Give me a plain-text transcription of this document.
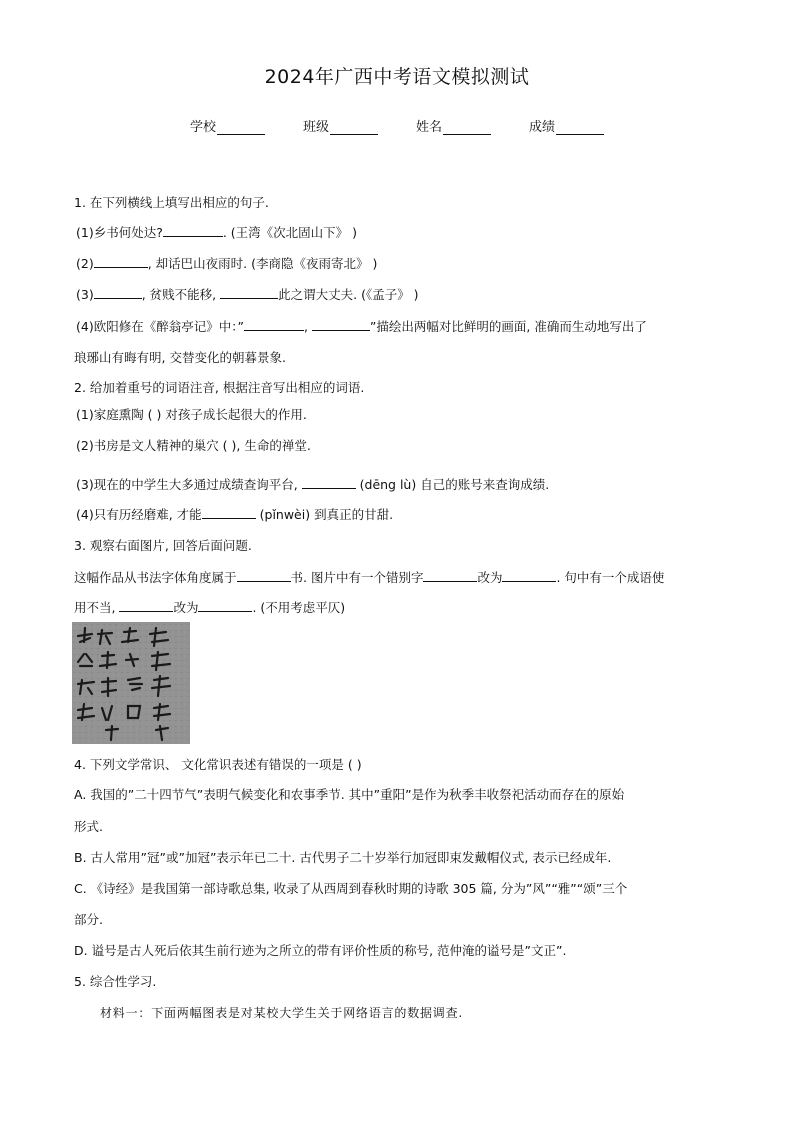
2024年广西中考语文模拟测试
学校	班级	姓名	成绩
1. 在下列横线上填写出相应的句子.
(1)乡书何处达?	. (王湾《次北固山下》 )
(2)	, 却话巴山夜雨时. (李商隐《夜雨寄北》 )
(3)	, 贫贱不能移,	此之谓大丈夫. (《孟子》 )
(4)欧阳修在《醉翁亭记》中：”	,	”描绘出两幅对比鲜明的画面, 准确而生动地写出了
琅琊山有晦有明, 交替变化的朝暮景象.
2. 给加着重号的词语注音, 根据注音写出相应的词语.
(1)家庭熏陶 ( ) 对孩子成长起很大的作用.
(2)书房是文人精神的巢穴 ( ), 生命的禅堂.
(3)现在的中学生大多通过成绩查询平台,	(dēng lù) 自己的账号来查询成绩.
(4)只有历经磨难, 才能	(pǐnwèi) 到真正的甘甜.
3. 观察右面图片, 回答后面问题.
这幅作品从书法字体角度属于	书. 图片中有一个错别字	改为	. 句中有一个成语使
用不当,	改为	. (不用考虑平仄)
4. 下列文学常识、 文化常识表述有错误的一项是 ( )
A. 我国的”二十四节气”表明气候变化和农事季节. 其中”重阳”是作为秋季丰收祭祀活动而存在的原始
形式.
B. 古人常用”冠”或”加冠”表示年已二十. 古代男子二十岁举行加冠即束发戴帽仪式, 表示已经成年.
C. 《诗经》是我国第一部诗歌总集, 收录了从西周到春秋时期的诗歌 305 篇, 分为”风”“雅”“颂”三个
部分.
D. 谥号是古人死后依其生前行迹为之所立的带有评价性质的称号, 范仲淹的谥号是”文正”.
5. 综合性学习.
材料一：下面两幅图表是对某校大学生关于网络语言的数据调查.
